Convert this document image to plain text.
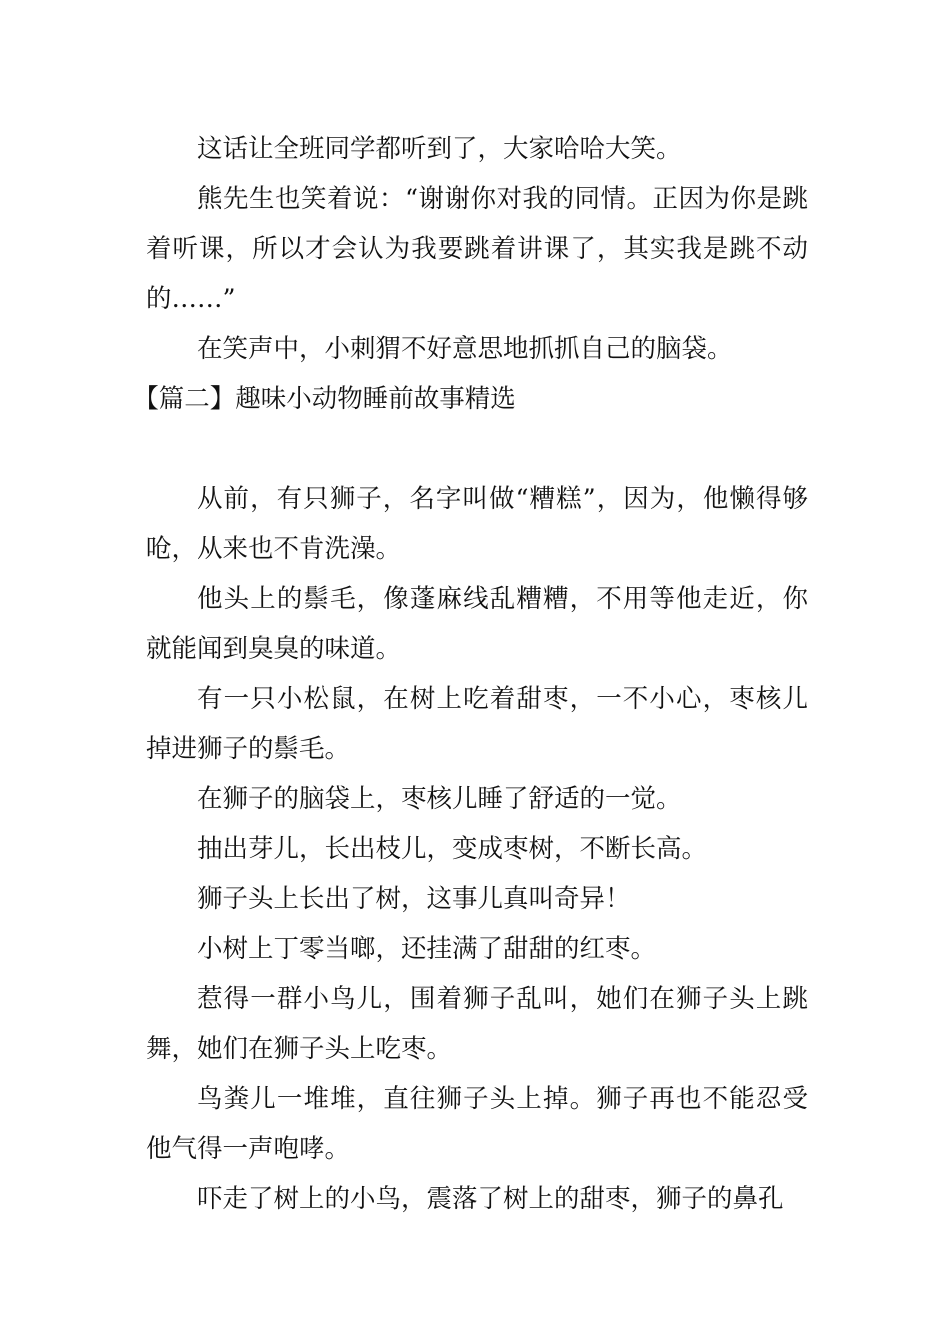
这话让全班同学都听到了，大家哈哈大笑。

熊先生也笑着说：“谢谢你对我的同情。正因为你是跳着听课，所以才会认为我要跳着讲课了，其实我是跳不动的……”

在笑声中，小刺猬不好意思地抓抓自己的脑袋。

【篇二】趣味小动物睡前故事精选

从前，有只狮子，名字叫做“糟糕”，因为，他懒得够呛，从来也不肯洗澡。

他头上的鬃毛，像蓬麻线乱糟糟，不用等他走近，你就能闻到臭臭的味道。

有一只小松鼠，在树上吃着甜枣，一不小心，枣核儿掉进狮子的鬃毛。

在狮子的脑袋上，枣核儿睡了舒适的一觉。

抽出芽儿，长出枝儿，变成枣树，不断长高。

狮子头上长出了树，这事儿真叫奇异！

小树上丁零当啷，还挂满了甜甜的红枣。

惹得一群小鸟儿，围着狮子乱叫，她们在狮子头上跳舞，她们在狮子头上吃枣。

鸟粪儿一堆堆，直往狮子头上掉。狮子再也不能忍受他气得一声咆哮。

吓走了树上的小鸟，震落了树上的甜枣，狮子的鼻孔
